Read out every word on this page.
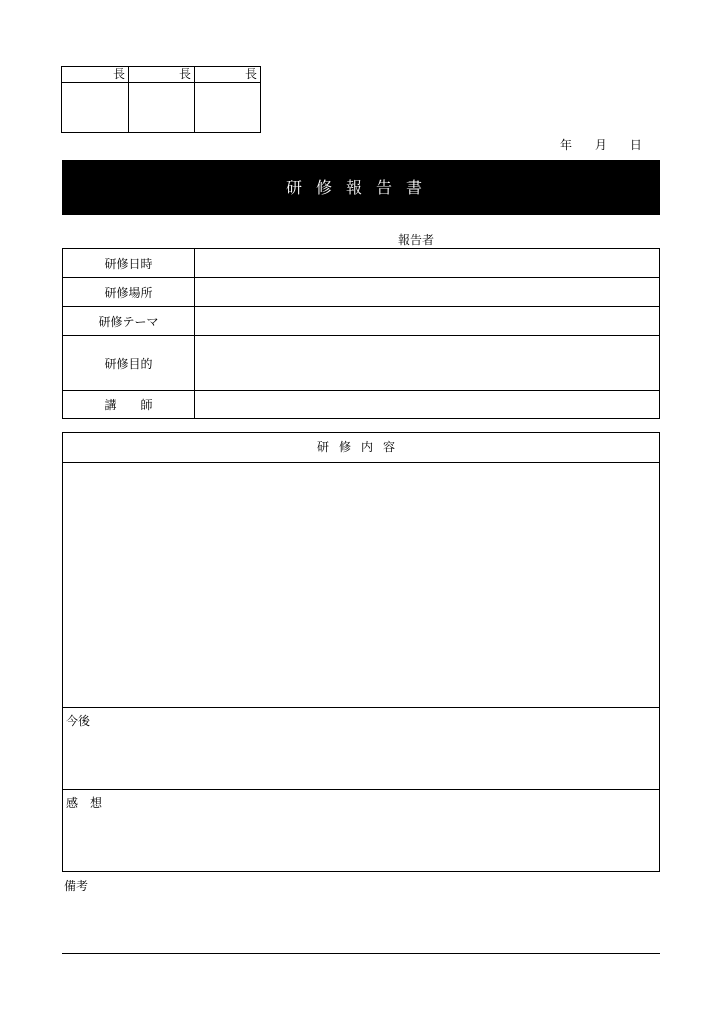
長	長	長
年 月 日
研修報告書
報告者
研修日時
研修場所
研修テーマ
研修目的
講　　師
研修内容
今後
感　想
備考
